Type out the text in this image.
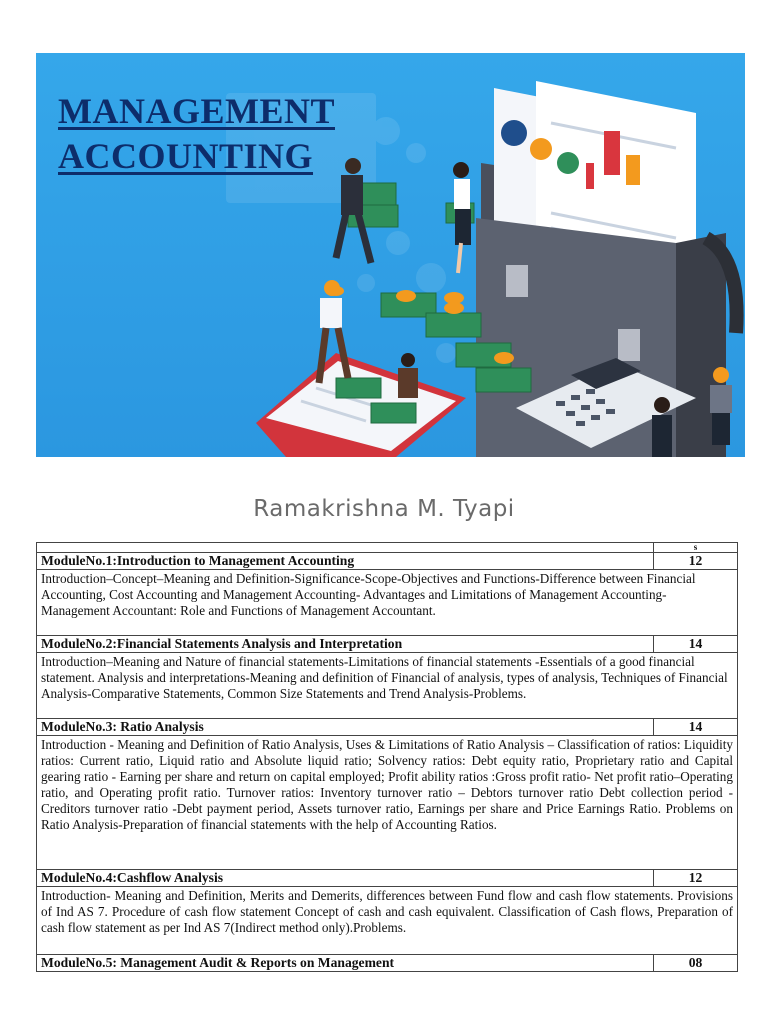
MANAGEMENT
ACCOUNTING
Ramakrishna M. Tyapi
	s
ModuleNo.1:Introduction to Management Accounting	12
Introduction–Concept–Meaning and Definition-Significance-Scope-Objectives and Functions-Difference between Financial Accounting, Cost Accounting and Management Accounting- Advantages and Limitations of Management Accounting- Management Accountant: Role and Functions of Management Accountant.	
ModuleNo.2:Financial Statements Analysis and Interpretation	14
Introduction–Meaning and Nature of financial statements-Limitations of financial statements -Essentials of a good financial statement. Analysis and interpretations-Meaning and definition of Financial of analysis, types of analysis, Techniques of Financial Analysis-Comparative Statements, Common Size Statements and Trend Analysis-Problems.	
ModuleNo.3: Ratio Analysis	14
Introduction - Meaning and Definition of Ratio Analysis, Uses & Limitations of Ratio Analysis – Classification of ratios: Liquidity ratios: Current ratio, Liquid ratio and Absolute liquid ratio; Solvency ratios: Debt equity ratio, Proprietary ratio and Capital gearing ratio - Earning per share and return on capital employed; Profit ability ratios :Gross profit ratio- Net profit ratio–Operating ratio, and Operating profit ratio. Turnover ratios: Inventory turnover ratio – Debtors turnover ratio Debt collection period - Creditors turnover ratio -Debt payment period, Assets turnover ratio, Earnings per share and Price Earnings Ratio. Problems on Ratio Analysis-Preparation of financial statements with the help of Accounting Ratios.	
ModuleNo.4:Cashflow Analysis	12
Introduction- Meaning and Definition, Merits and Demerits, differences between Fund flow and cash flow statements. Provisions of Ind AS 7. Procedure of cash flow statement Concept of cash and cash equivalent. Classification of Cash flows, Preparation of cash flow statement as per Ind AS 7(Indirect method only).Problems.	
ModuleNo.5: Management Audit & Reports on Management	08
